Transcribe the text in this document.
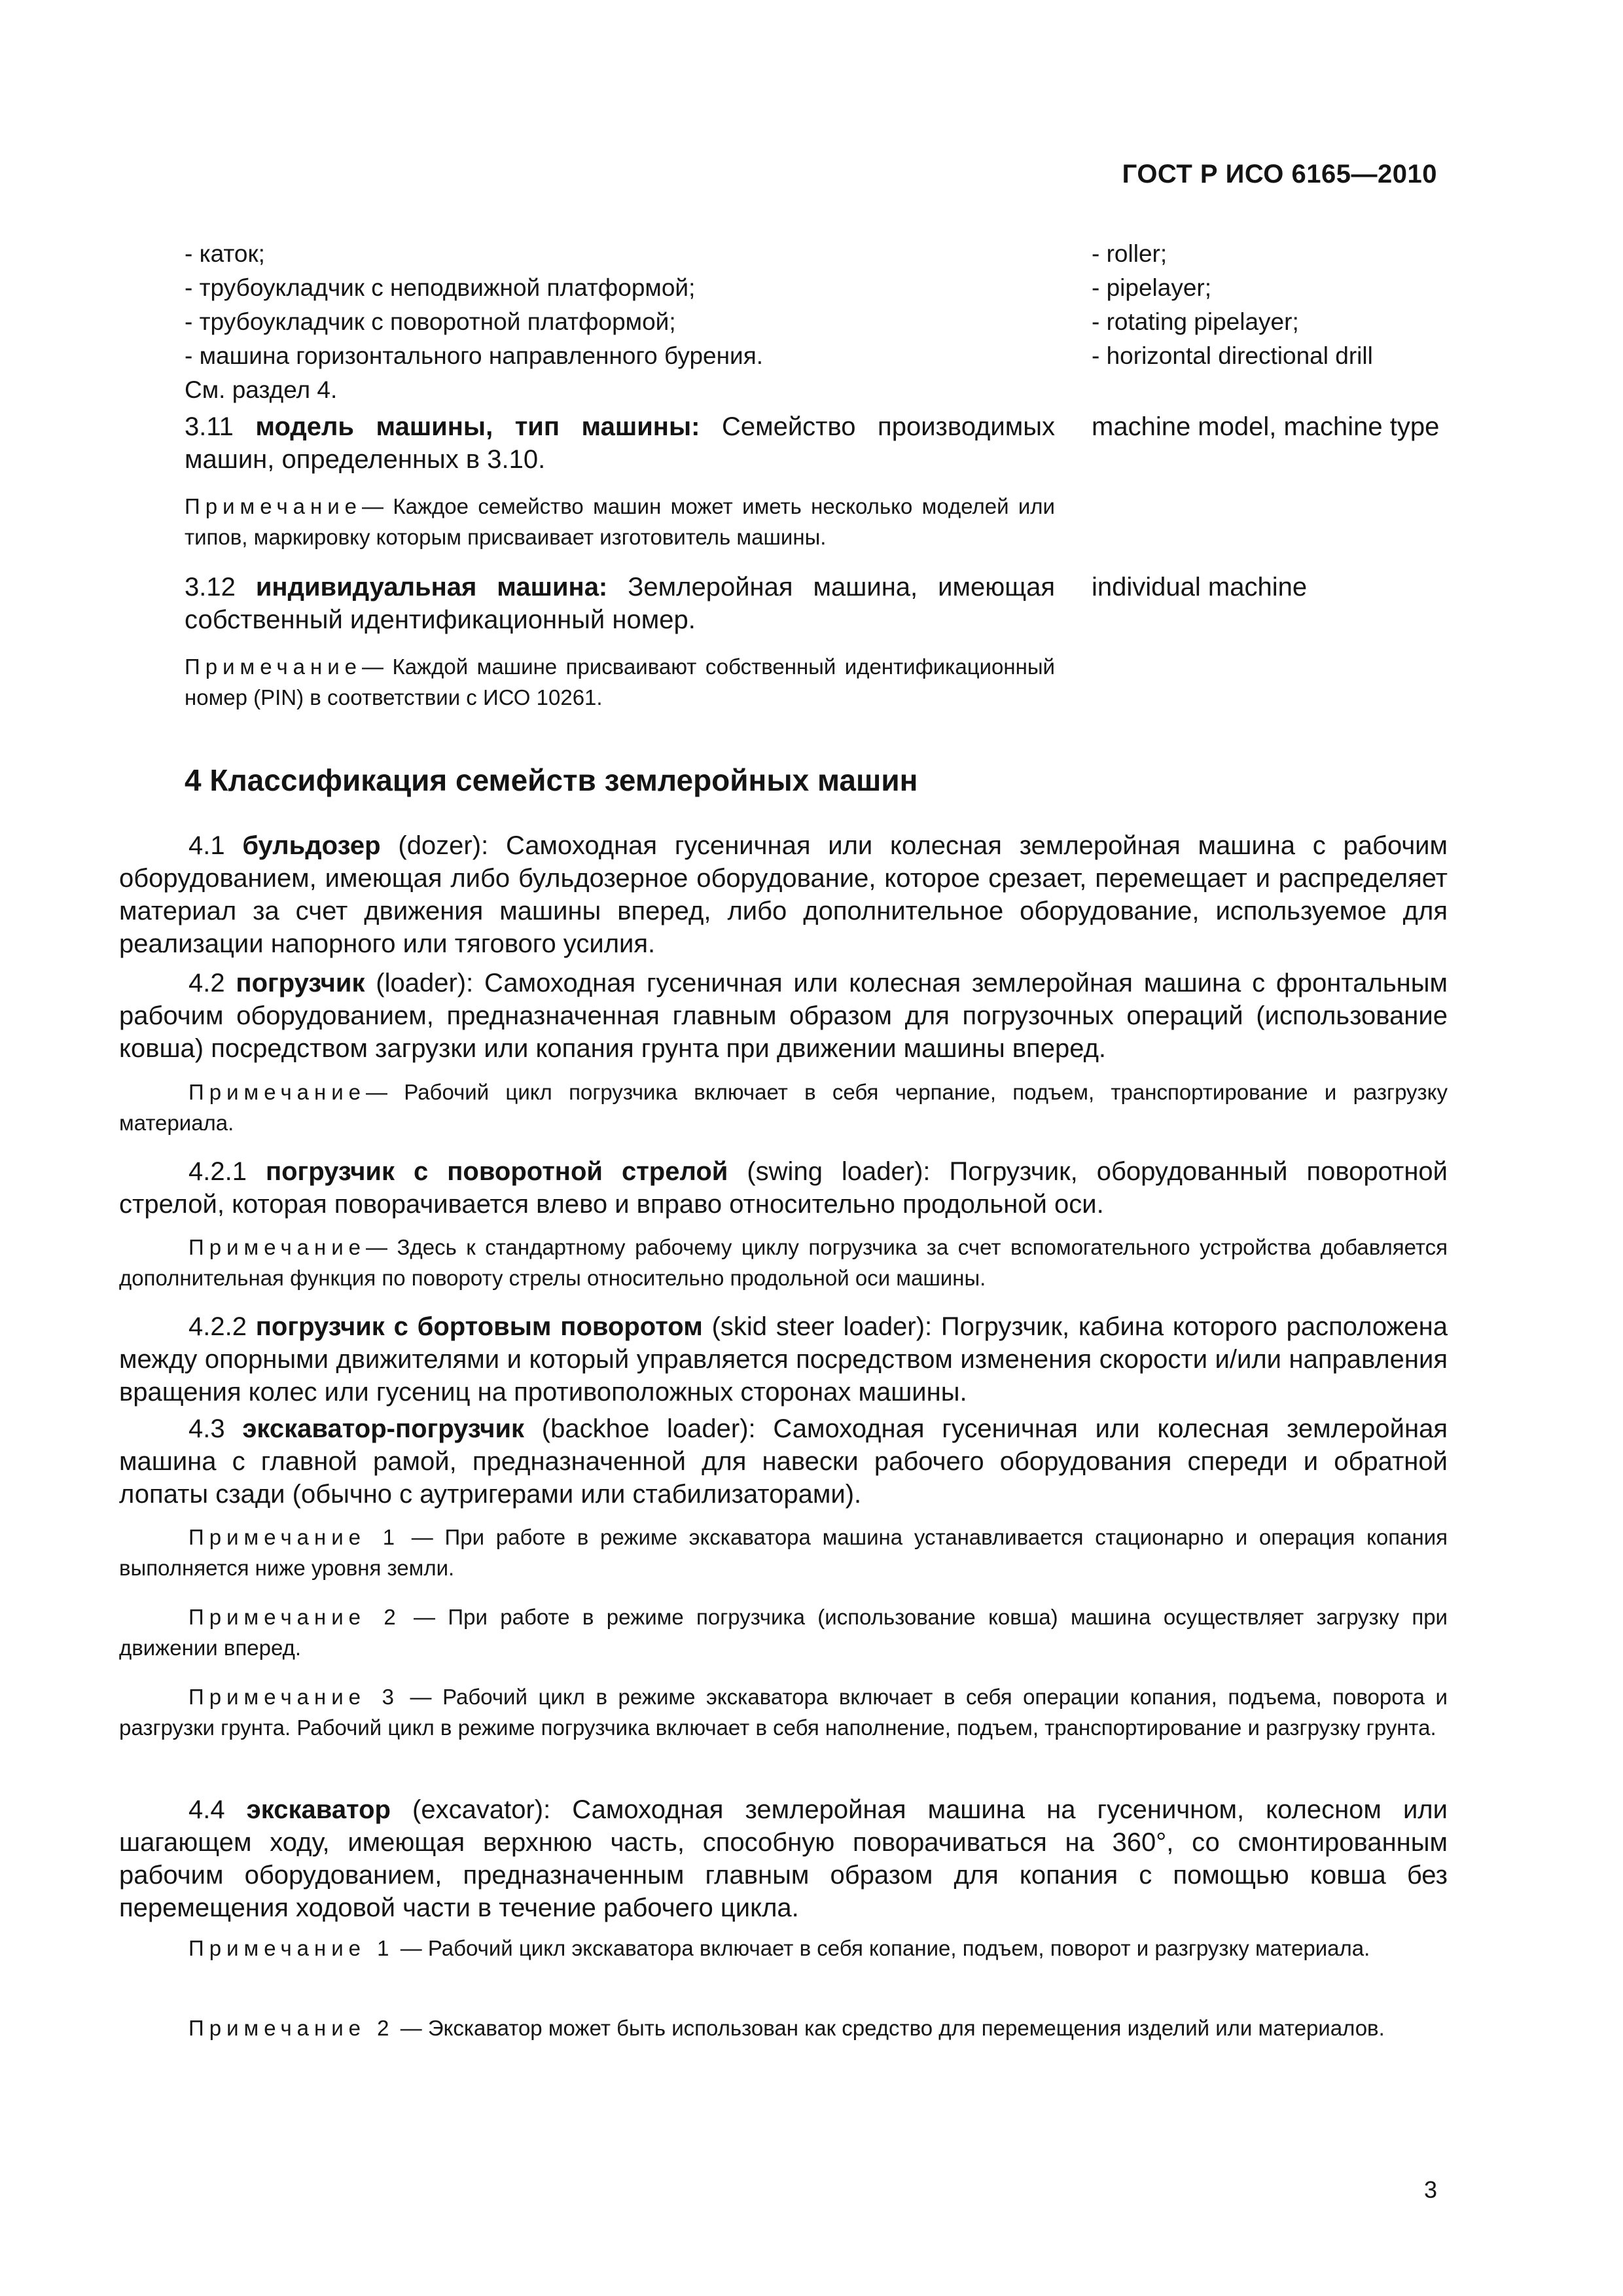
ГОСТ Р ИСО 6165—2010
- каток;
- трубоукладчик с неподвижной платформой;
- трубоукладчик с поворотной платформой;
- машина горизонтального направленного бурения.
См. раздел 4.
- roller;
- pipelayer;
- rotating pipelayer;
- horizontal directional drill
3.11 модель машины, тип машины: Семейство производимых машин, определенных в 3.10.
machine model, machine type
Примечание— Каждое семейство машин может иметь несколько моделей или типов, маркировку которым присваивает изготовитель машины.
3.12 индивидуальная машина: Землеройная машина, имеющая собственный идентификационный номер.
individual machine
Примечание— Каждой машине присваивают собственный идентификационный номер (PIN) в соответствии с ИСО 10261.
4 Классификация семейств землеройных машин
4.1 бульдозер (dozer): Самоходная гусеничная или колесная землеройная машина с рабочим оборудованием, имеющая либо бульдозерное оборудование, которое срезает, перемещает и распределяет материал за счет движения машины вперед, либо дополнительное оборудование, используемое для реализации напорного или тягового усилия.
4.2 погрузчик (loader): Самоходная гусеничная или колесная землеройная машина с фронтальным рабочим оборудованием, предназначенная главным образом для погрузочных операций (использование ковша) посредством загрузки или копания грунта при движении машины вперед.
Примечание— Рабочий цикл погрузчика включает в себя черпание, подъем, транспортирование и разгрузку материала.
4.2.1 погрузчик с поворотной стрелой (swing loader): Погрузчик, оборудованный поворотной стрелой, которая поворачивается влево и вправо относительно продольной оси.
Примечание— Здесь к стандартному рабочему циклу погрузчика за счет вспомогательного устройства добавляется дополнительная функция по повороту стрелы относительно продольной оси машины.
4.2.2 погрузчик с бортовым поворотом (skid steer loader): Погрузчик, кабина которого расположена между опорными движителями и который управляется посредством изменения скорости и/или направления вращения колес или гусениц на противоположных сторонах машины.
4.3 экскаватор-погрузчик (backhoe loader): Самоходная гусеничная или колесная землеройная машина с главной рамой, предназначенной для навески рабочего оборудования спереди и обратной лопаты сзади (обычно с аутригерами или стабилизаторами).
Примечание 1 — При работе в режиме экскаватора машина устанавливается стационарно и операция копания выполняется ниже уровня земли.
Примечание 2 — При работе в режиме погрузчика (использование ковша) машина осуществляет загрузку при движении вперед.
Примечание 3 — Рабочий цикл в режиме экскаватора включает в себя операции копания, подъема, поворота и разгрузки грунта. Рабочий цикл в режиме погрузчика включает в себя наполнение, подъем, транспортирование и разгрузку грунта.
4.4 экскаватор (excavator): Самоходная землеройная машина на гусеничном, колесном или шагающем ходу, имеющая верхнюю часть, способную поворачиваться на 360°, со смонтированным рабочим оборудованием, предназначенным главным образом для копания с помощью ковша без перемещения ходовой части в течение рабочего цикла.
Примечание 1 — Рабочий цикл экскаватора включает в себя копание, подъем, поворот и разгрузку материала.
Примечание 2 — Экскаватор может быть использован как средство для перемещения изделий или материалов.
3
